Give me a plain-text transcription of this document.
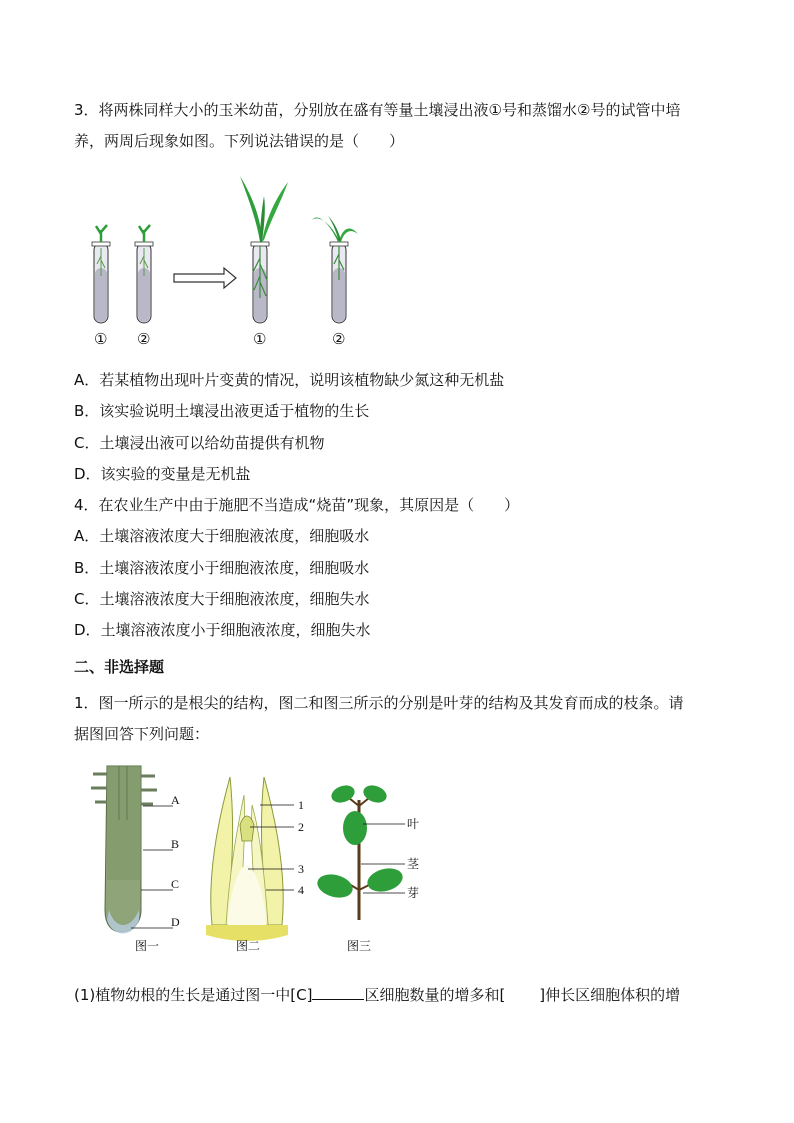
3．将两株同样大小的玉米幼苗，分别放在盛有等量土壤浸出液①号和蒸馏水②号的试管中培
养，两周后现象如图。下列说法错误的是（　　）
① ②	①	②
A．若某植物出现叶片变黄的情况，说明该植物缺少氮这种无机盐
B．该实验说明土壤浸出液更适于植物的生长
C．土壤浸出液可以给幼苗提供有机物
D．该实验的变量是无机盐
4．在农业生产中由于施肥不当造成“烧苗”现象，其原因是（　　）
A．土壤溶液浓度大于细胞液浓度，细胞吸水
B．土壤溶液浓度小于细胞液浓度，细胞吸水
C．土壤溶液浓度大于细胞液浓度，细胞失水
D．土壤溶液浓度小于细胞液浓度，细胞失水
二、非选择题
1．图一所示的是根尖的结构，图二和图三所示的分别是叶芽的结构及其发育而成的枝条。请
据图回答下列问题：
A
B
C
D
图一
1
2
3
4
图二
叶
茎
芽
图三
(1)植物幼根的生长是通过图一中[C]	区细胞数量的增多和[ ]伸长区细胞体积的增
